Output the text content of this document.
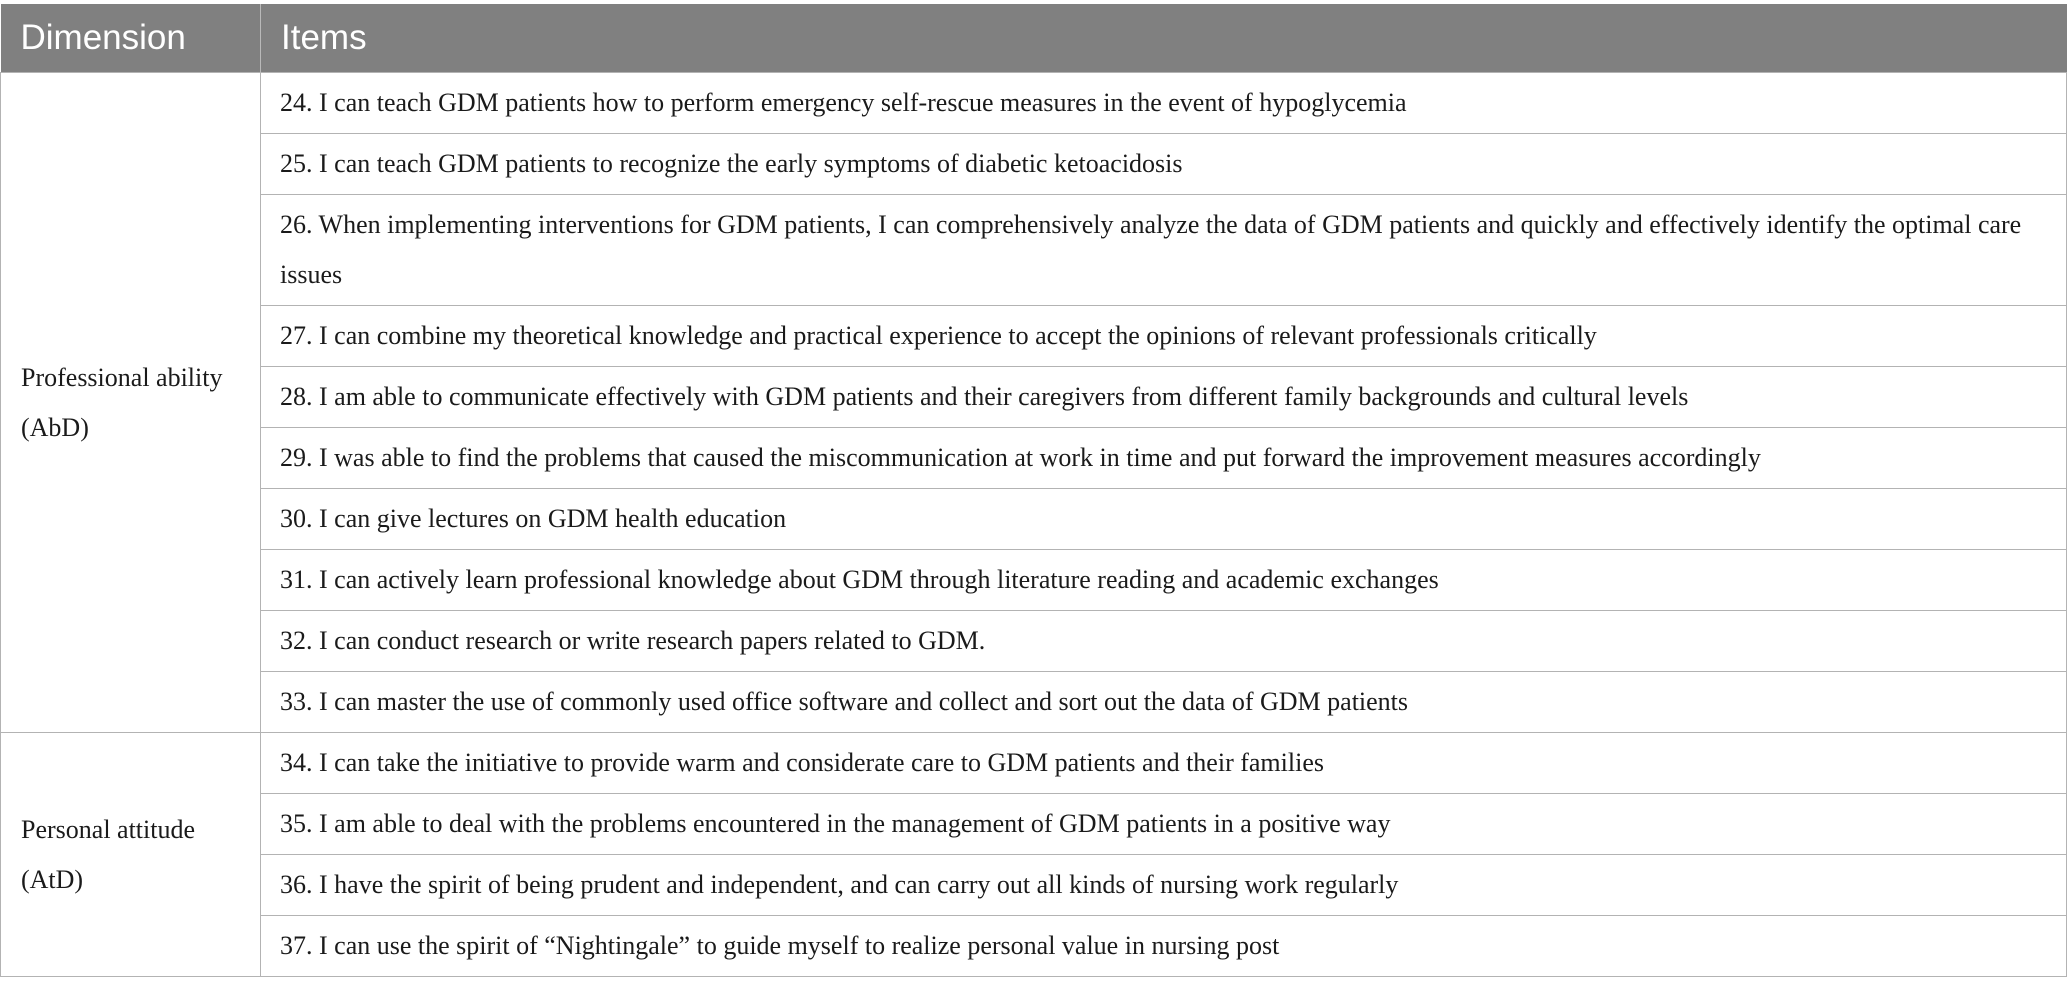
Dimension	Items
Professional ability
(AbD)	24. I can teach GDM patients how to perform emergency self-rescue measures in the event of hypoglycemia
	25. I can teach GDM patients to recognize the early symptoms of diabetic ketoacidosis
	26. When implementing interventions for GDM patients, I can comprehensively analyze the data of GDM patients and quickly and effectively identify the optimal care issues
	27. I can combine my theoretical knowledge and practical experience to accept the opinions of relevant professionals critically
	28. I am able to communicate effectively with GDM patients and their caregivers from different family backgrounds and cultural levels
	29. I was able to find the problems that caused the miscommunication at work in time and put forward the improvement measures accordingly
	30. I can give lectures on GDM health education
	31. I can actively learn professional knowledge about GDM through literature reading and academic exchanges
	32. I can conduct research or write research papers related to GDM.
	33. I can master the use of commonly used office software and collect and sort out the data of GDM patients
Personal attitude
(AtD)	34. I can take the initiative to provide warm and considerate care to GDM patients and their families
	35. I am able to deal with the problems encountered in the management of GDM patients in a positive way
	36. I have the spirit of being prudent and independent, and can carry out all kinds of nursing work regularly
	37. I can use the spirit of “Nightingale” to guide myself to realize personal value in nursing post
